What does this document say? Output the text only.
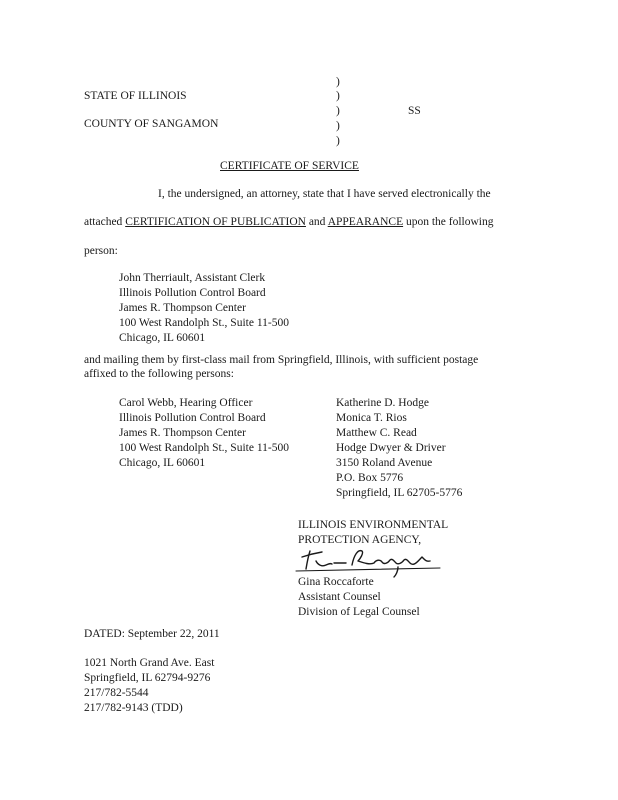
STATE OF ILLINOIS
COUNTY OF SANGAMON
SS
)
)
)
)
)
CERTIFICATE OF SERVICE
I, the undersigned, an attorney, state that I have served electronically the
attached CERTIFICATION OF PUBLICATION and APPEARANCE upon the following
person:
John Therriault, Assistant Clerk
Illinois Pollution Control Board
James R. Thompson Center
100 West Randolph St., Suite 11-500
Chicago, IL 60601
and mailing them by first-class mail from Springfield, Illinois, with sufficient postage
affixed to the following persons:
Carol Webb, Hearing Officer
Illinois Pollution Control Board
James R. Thompson Center
100 West Randolph St., Suite 11-500
Chicago, IL 60601
Katherine D. Hodge
Monica T. Rios
Matthew C. Read
Hodge Dwyer & Driver
3150 Roland Avenue
P.O. Box 5776
Springfield, IL 62705-5776
ILLINOIS ENVIRONMENTAL
PROTECTION AGENCY,
Gina Roccaforte
Assistant Counsel
Division of Legal Counsel
DATED: September 22, 2011
1021 North Grand Ave. East
Springfield, IL 62794-9276
217/782-5544
217/782-9143 (TDD)
